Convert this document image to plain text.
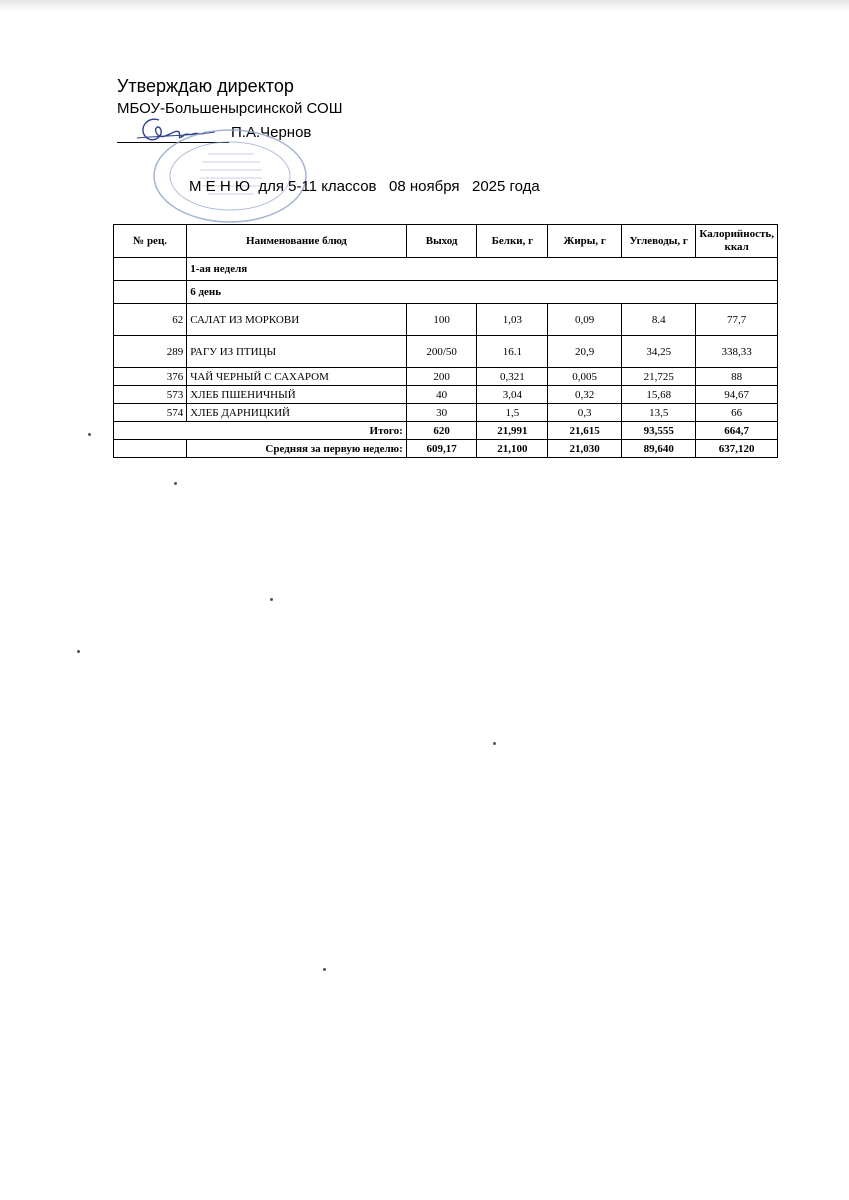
Утверждаю директор
МБОУ-Большенырсинской СОШ
П.А.Чернов
М Е Н Ю  для 5-11 классов   08 ноября   2025 года
№ рец.	Наименование блюд	Выход	Белки, г	Жиры, г	Углеводы, г	Калорийность, ккал
	1-ая неделя					
	6 день					
62	САЛАТ ИЗ МОРКОВИ	100	1,03	0,09	8.4	77,7
289	РАГУ ИЗ ПТИЦЫ	200/50	16.1	20,9	34,25	338,33
376	ЧАЙ ЧЕРНЫЙ С САХАРОМ	200	0,321	0,005	21,725	88
573	ХЛЕБ ПШЕНИЧНЫЙ	40	3,04	0,32	15,68	94,67
574	ХЛЕБ ДАРНИЦКИЙ	30	1,5	0,3	13,5	66
Итого:		620	21,991	21,615	93,555	664,7
	Средняя за первую неделю:	609,17	21,100	21,030	89,640	637,120
